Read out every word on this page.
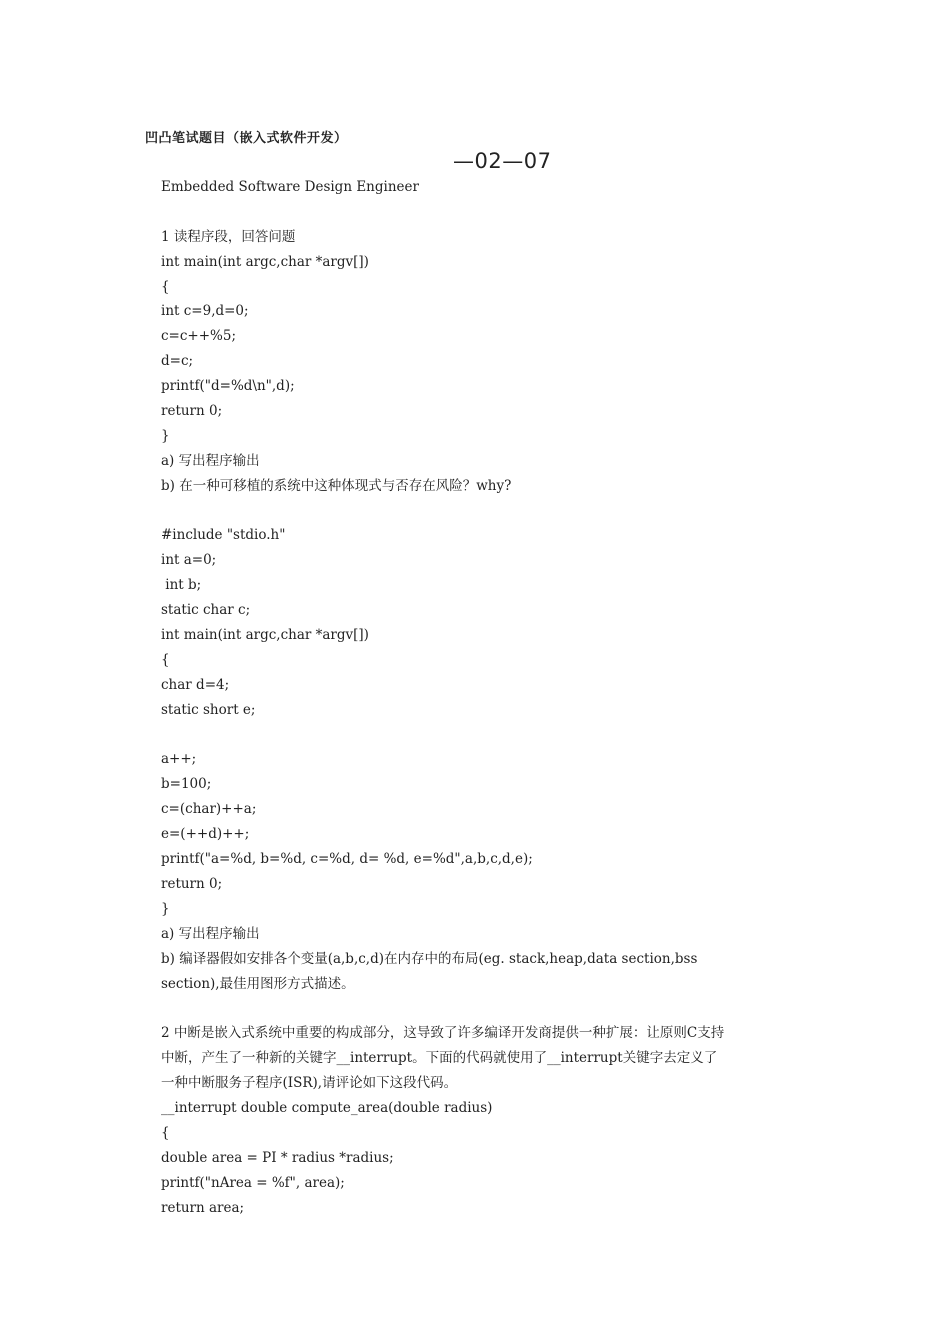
凹凸笔试题目（嵌入式软件开发）
—02—07
Embedded Software Design Engineer
1 读程序段，回答问题
int main(int argc,char *argv[])
{
int c=9,d=0;
c=c++%5;
d=c;
printf("d=%d\n",d);
return 0;
}
a) 写出程序输出
b) 在一种可移植的系统中这种体现式与否存在风险？why?
#include "stdio.h"
int a=0;
int b;
static char c;
int main(int argc,char *argv[])
{
char d=4;
static short e;
a++;
b=100;
c=(char)++a;
e=(++d)++;
printf("a=%d, b=%d, c=%d, d= %d, e=%d",a,b,c,d,e);
return 0;
}
a) 写出程序输出
b) 编译器假如安排各个变量(a,b,c,d)在内存中的布局(eg. stack,heap,data section,bss
section),最佳用图形方式描述。
2 中断是嵌入式系统中重要的构成部分，这导致了许多编译开发商提供一种扩展：让原则C支持
中断，产生了一种新的关键字__interrupt。下面的代码就使用了__interrupt关键字去定义了
一种中断服务子程序(ISR),请评论如下这段代码。
__interrupt double compute_area(double radius)
{
double area = PI * radius *radius;
printf("nArea = %f", area);
return area;
